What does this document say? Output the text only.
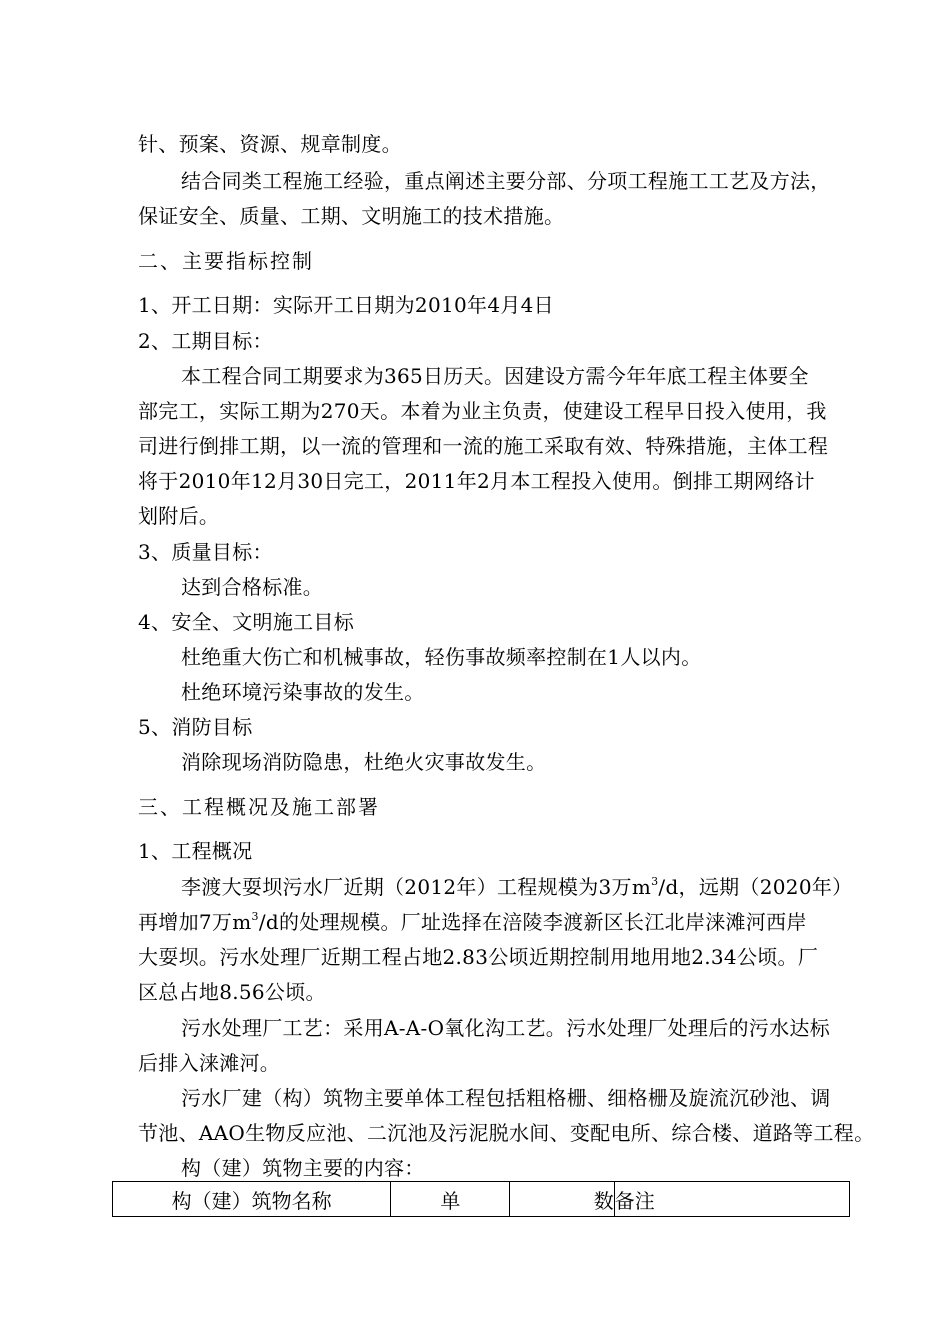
针、预案、资源、规章制度。
结合同类工程施工经验，重点阐述主要分部、分项工程施工工艺及方法，
保证安全、质量、工期、文明施工的技术措施。
二、主要指标控制
1、开工日期：实际开工日期为2010年4月4日
2、工期目标：
本工程合同工期要求为365日历天。因建设方需今年年底工程主体要全
部完工，实际工期为270天。本着为业主负责，使建设工程早日投入使用，我
司进行倒排工期，以一流的管理和一流的施工采取有效、特殊措施，主体工程
将于2010年12月30日完工，2011年2月本工程投入使用。倒排工期网络计
划附后。
3、质量目标：
达到合格标准。
4、安全、文明施工目标
杜绝重大伤亡和机械事故，轻伤事故频率控制在1人以内。
杜绝环境污染事故的发生。
5、消防目标
消除现场消防隐患，杜绝火灾事故发生。
三、工程概况及施工部署
1、工程概况
李渡大耍坝污水厂近期（2012年）工程规模为3万$m^3/d$，远期（2020年）
再增加7万$m^3/d$的处理规模。厂址选择在涪陵李渡新区长江北岸涞滩河西岸
大耍坝。污水处理厂近期工程占地2.83公顷近期控制用地用地2.34公顷。厂
区总占地8.56公顷。
污水处理厂工艺：采用A-A-O氧化沟工艺。污水处理厂处理后的污水达标
后排入涞滩河。
污水厂建（构）筑物主要单体工程包括粗格栅、细格栅及旋流沉砂池、调
节池、AAO生物反应池、二沉池及污泥脱水间、变配电所、综合楼、道路等工程。
构（建）筑物主要的内容：
构（建）筑物名称	单	数	备注
